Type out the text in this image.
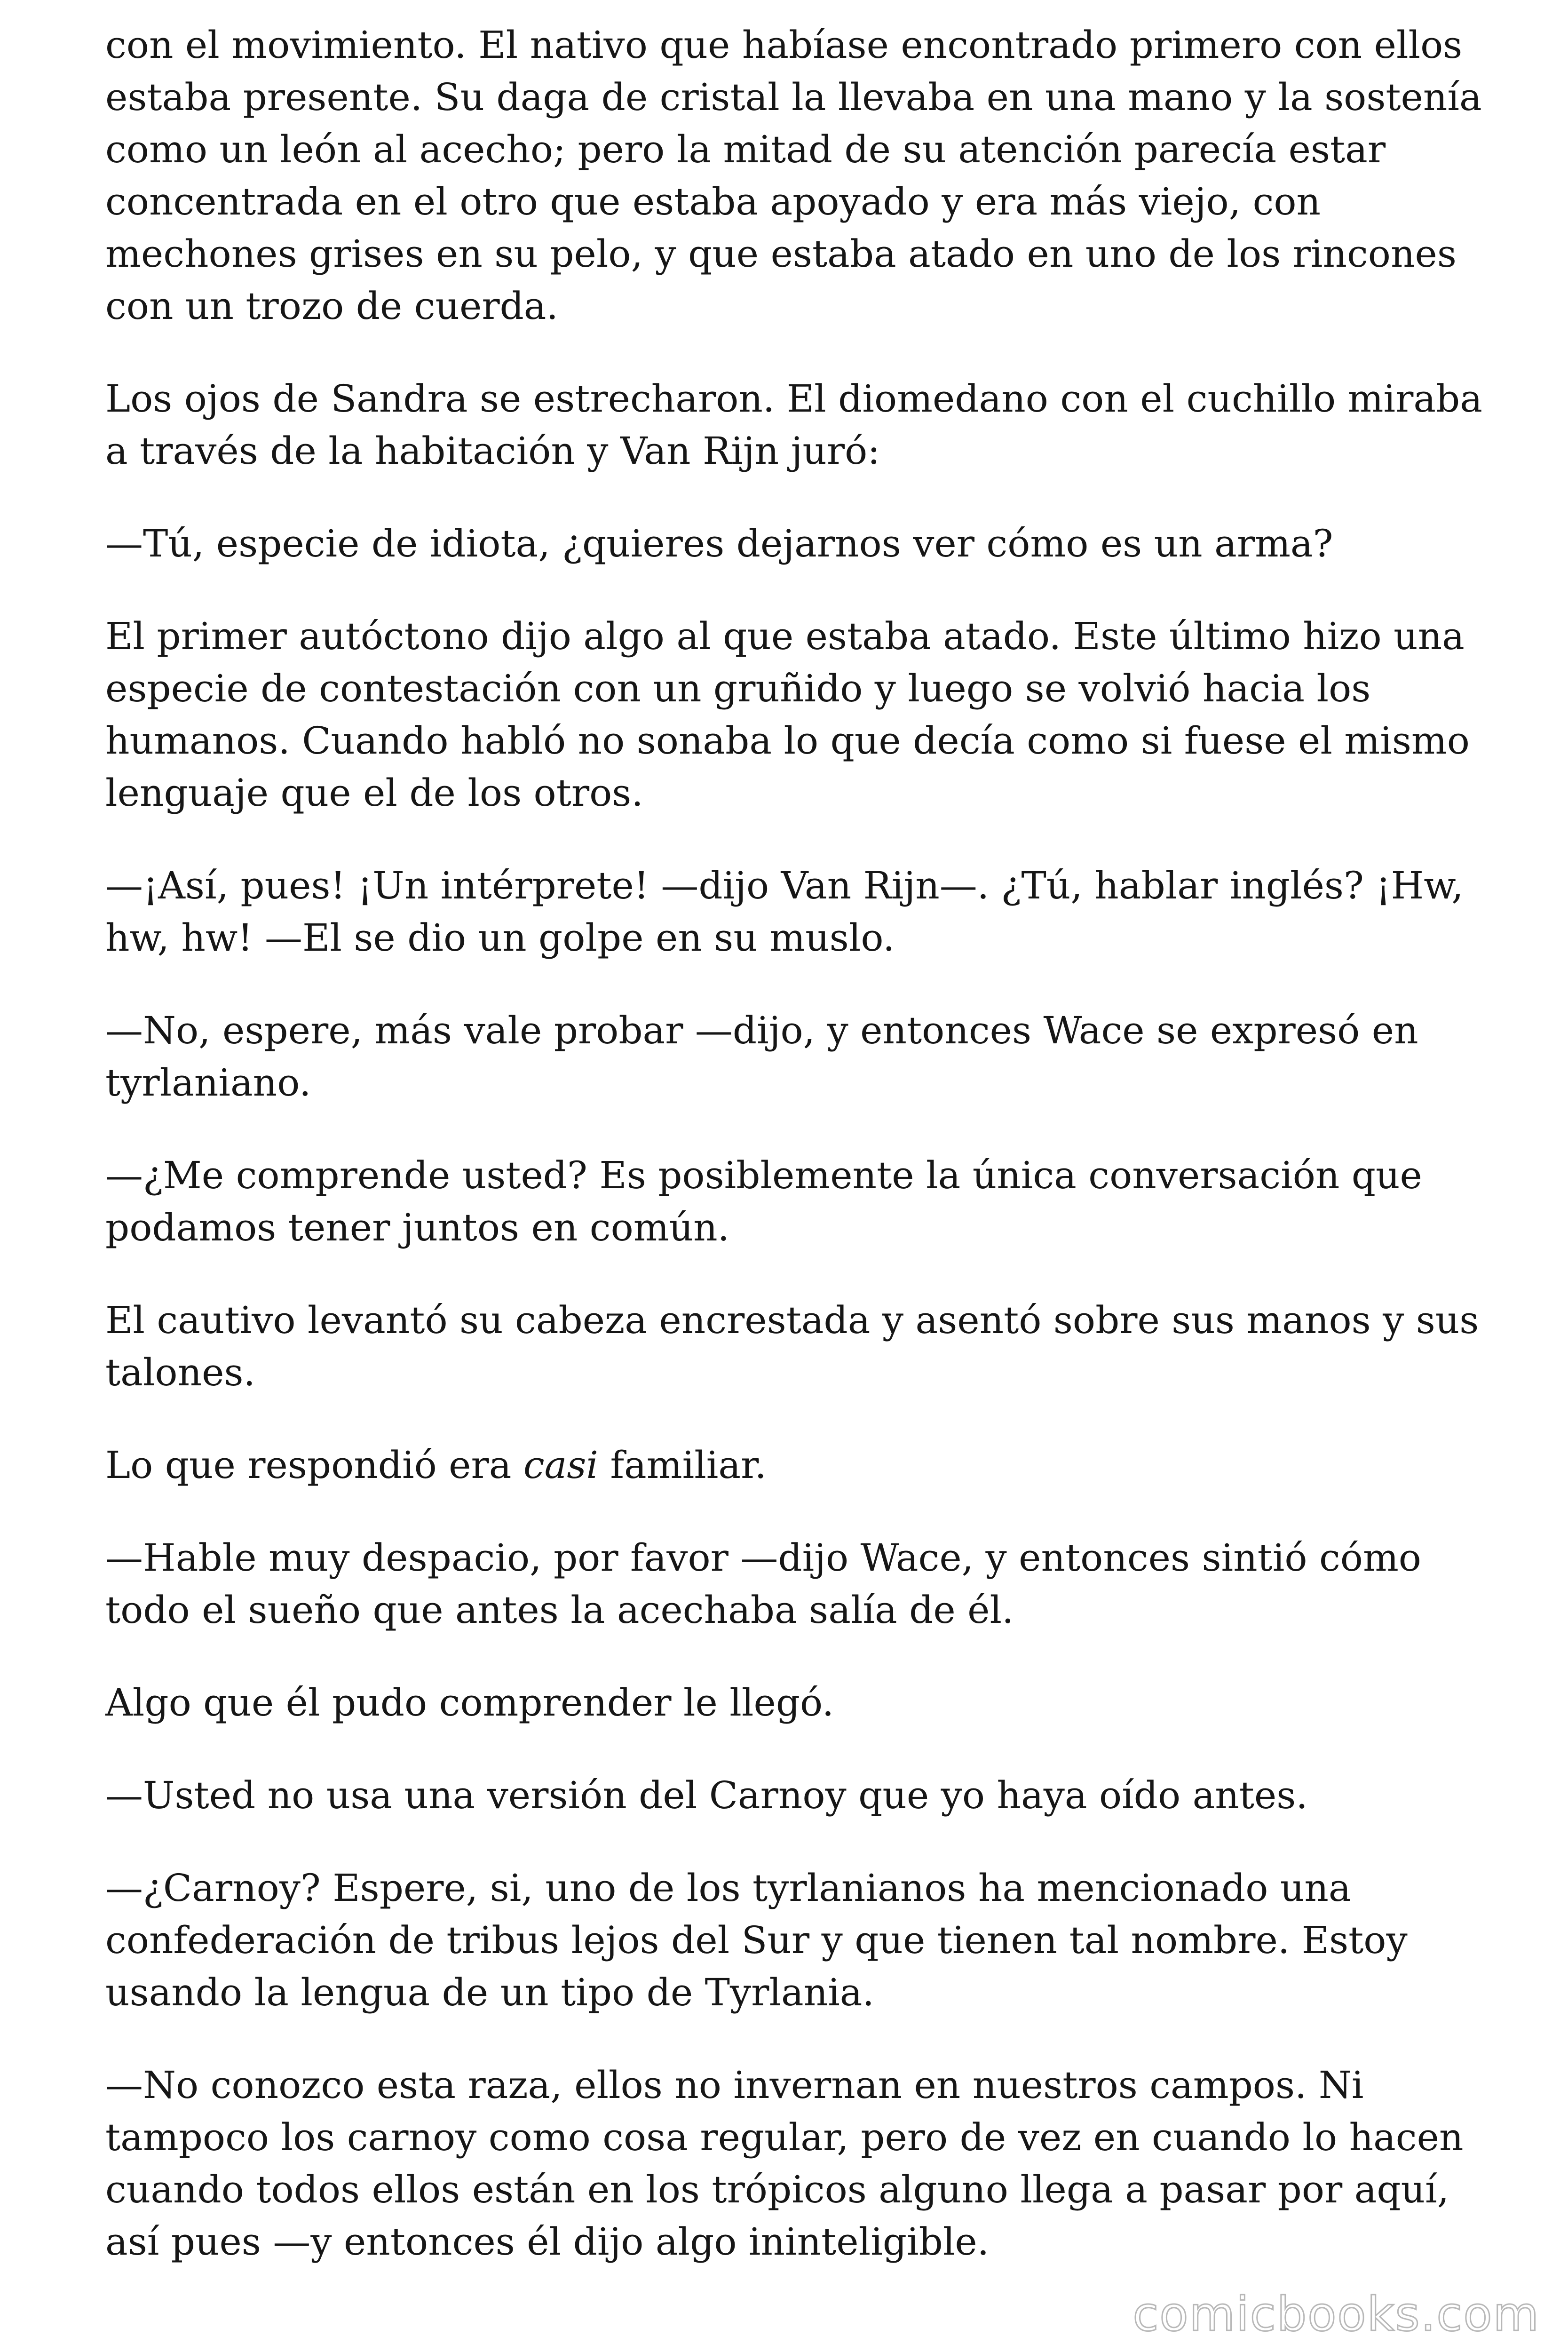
con el movimiento. El nativo que habíase encontrado primero con ellos estaba presente. Su daga de cristal la llevaba en una mano y la sostenía como un león al acecho; pero la mitad de su atención parecía estar concentrada en el otro que estaba apoyado y era más viejo, con mechones grises en su pelo, y que estaba atado en uno de los rincones con un trozo de cuerda.

Los ojos de Sandra se estrecharon. El diomedano con el cuchillo miraba a través de la habitación y Van Rijn juró:

—Tú, especie de idiota, ¿quieres dejarnos ver cómo es un arma?

El primer autóctono dijo algo al que estaba atado. Este último hizo una especie de contestación con un gruñido y luego se volvió hacia los humanos. Cuando habló no sonaba lo que decía como si fuese el mismo lenguaje que el de los otros.

—¡Así, pues! ¡Un intérprete! —dijo Van Rijn—. ¿Tú, hablar inglés? ¡Hw, hw, hw! —El se dio un golpe en su muslo.

—No, espere, más vale probar —dijo, y entonces Wace se expresó en tyrlaniano.

—¿Me comprende usted? Es posiblemente la única conversación que podamos tener juntos en común.

El cautivo levantó su cabeza encrestada y asentó sobre sus manos y sus talones.

Lo que respondió era casi familiar.

—Hable muy despacio, por favor —dijo Wace, y entonces sintió cómo todo el sueño que antes la acechaba salía de él.

Algo que él pudo comprender le llegó.

—Usted no usa una versión del Carnoy que yo haya oído antes.

—¿Carnoy? Espere, si, uno de los tyrlanianos ha mencionado una confederación de tribus lejos del Sur y que tienen tal nombre. Estoy usando la lengua de un tipo de Tyrlania.

—No conozco esta raza, ellos no invernan en nuestros campos. Ni tampoco los carnoy como cosa regular, pero de vez en cuando lo hacen cuando todos ellos están en los trópicos alguno llega a pasar por aquí, así pues —y entonces él dijo algo ininteligible.

comicbooks.com
